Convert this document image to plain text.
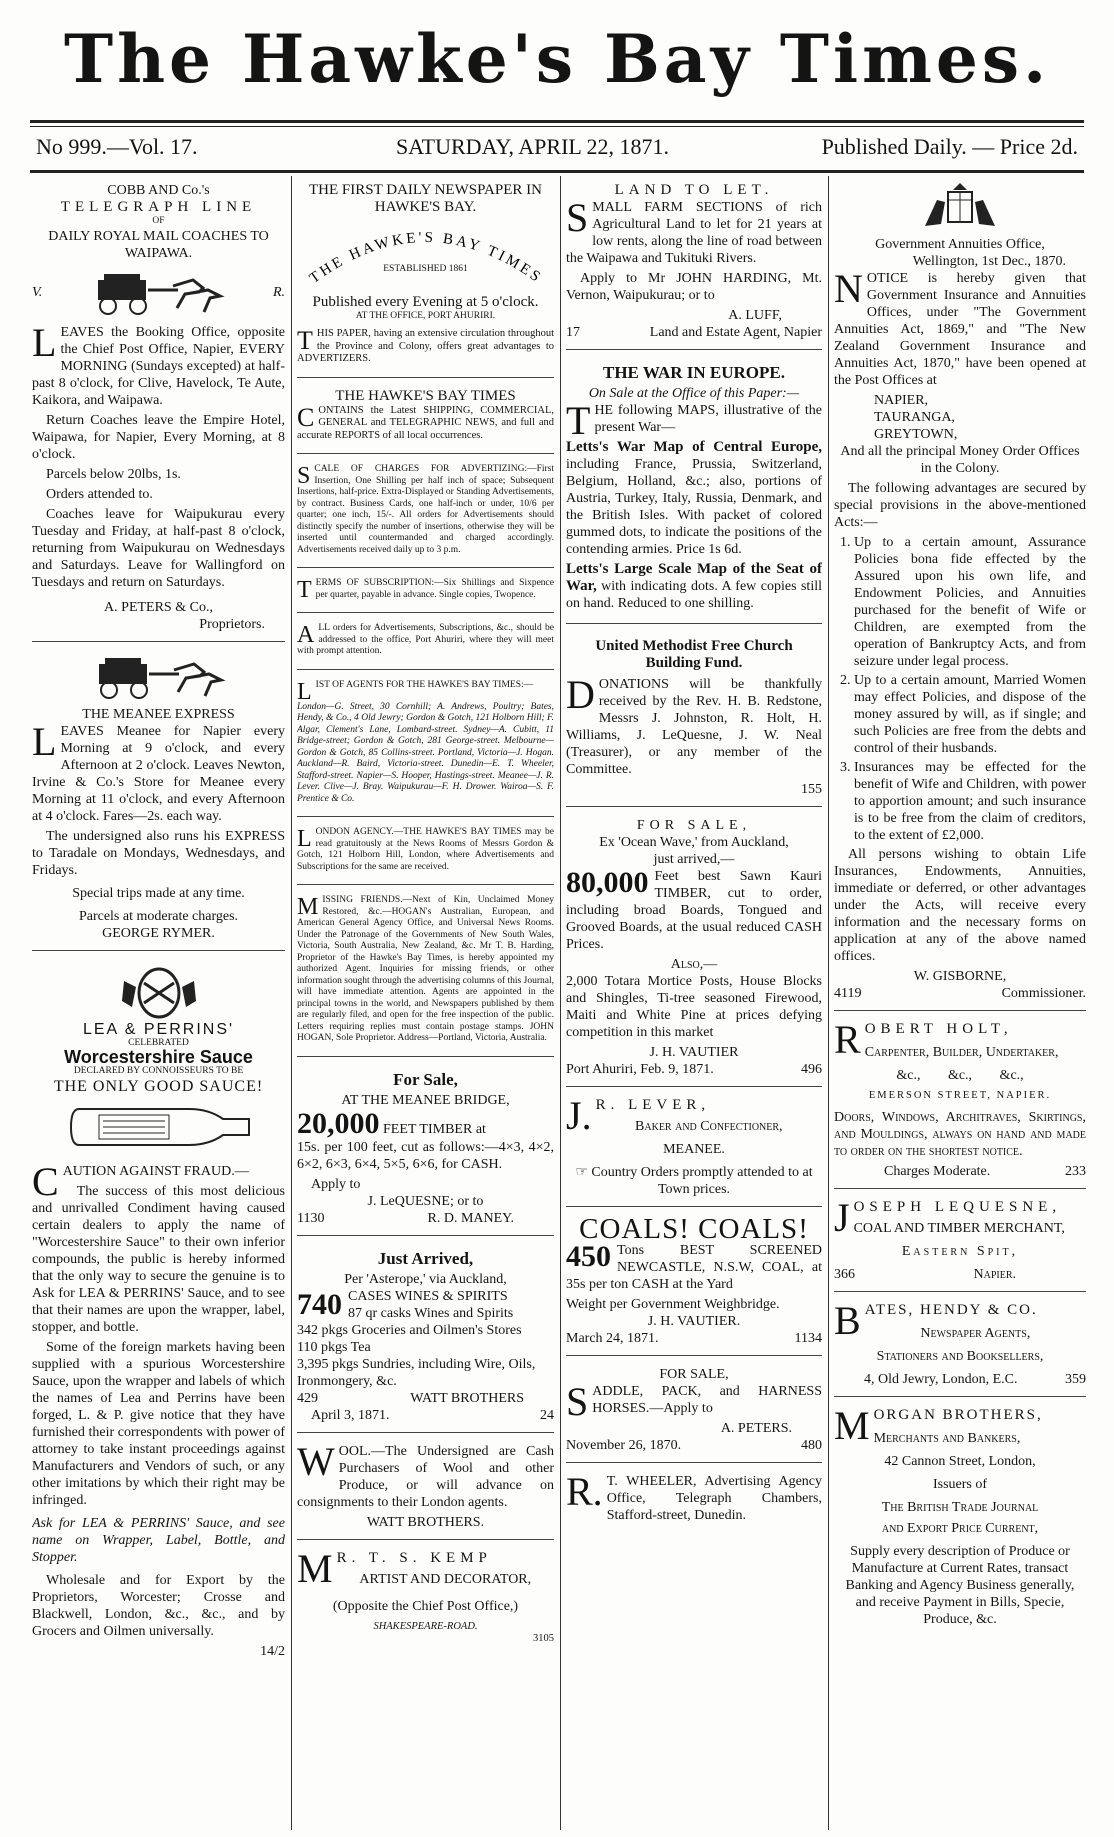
The Hawke's Bay Times.
No 999.—Vol. 17.	SATURDAY, APRIL 22, 1871.	Published Daily. — Price 2d.
COBB AND Co.'s
TELEGRAPH LINE
OF
DAILY ROYAL MAIL COACHES TO WAIPAWA.
V.	R.

LEAVES the Booking Office, opposite the Chief Post Office, Napier, EVERY MORNING (Sundays excepted) at half-past 8 o'clock, for Clive, Havelock, Te Aute, Kaikora, and Waipawa.

Return Coaches leave the Empire Hotel, Waipawa, for Napier, Every Morning, at 8 o'clock.

Parcels below 20lbs, 1s.

Orders attended to.

Coaches leave for Waipukurau every Tuesday and Friday, at half-past 8 o'clock, returning from Waipukurau on Wednesdays and Saturdays. Leave for Wallingford on Tuesdays and return on Saturdays.

A. PETERS & Co.,
Proprietors.
THE MEANEE EXPRESS

LEAVES Meanee for Napier every Morning at 9 o'clock, and every Afternoon at 2 o'clock. Leaves Newton, Irvine & Co.'s Store for Meanee every Morning at 11 o'clock, and every Afternoon at 4 o'clock. Fares—2s. each way.

The undersigned also runs his EXPRESS to Taradale on Mondays, Wednesdays, and Fridays.

Special trips made at any time.
Parcels at moderate charges.
GEORGE RYMER.
LEA & PERRINS'
CELEBRATED
Worcestershire Sauce
DECLARED BY CONNOISSEURS TO BE
THE ONLY GOOD SAUCE!

CAUTION AGAINST FRAUD.—

The success of this most delicious and unrivalled Condiment having caused certain dealers to apply the name of "Worcestershire Sauce" to their own inferior compounds, the public is hereby informed that the only way to secure the genuine is to Ask for LEA & PERRINS' Sauce, and to see that their names are upon the wrapper, label, stopper, and bottle.

Some of the foreign markets having been supplied with a spurious Worcestershire Sauce, upon the wrapper and labels of which the names of Lea and Perrins have been forged, L. & P. give notice that they have furnished their correspondents with power of attorney to take instant proceedings against Manufacturers and Vendors of such, or any other imitations by which their right may be infringed.

Ask for LEA & PERRINS' Sauce, and see name on Wrapper, Label, Bottle, and Stopper.

Wholesale and for Export by the Proprietors, Worcester; Crosse and Blackwell, London, &c., &c., and by Grocers and Oilmen universally.

14/2
THE FIRST DAILY NEWSPAPER IN HAWKE'S BAY.
THE HAWKE'S BAY TIMES
ESTABLISHED 1861
Published every Evening at 5 o'clock.
AT THE OFFICE, PORT AHURIRI.

THIS PAPER, having an extensive circulation throughout the Province and Colony, offers great advantages to ADVERTIZERS.

THE HAWKE'S BAY TIMES

CONTAINS the Latest SHIPPING, COMMERCIAL, GENERAL and TELEGRAPHIC NEWS, and full and accurate REPORTS of all local occurrences.

SCALE OF CHARGES FOR ADVERTIZING:—First Insertion, One Shilling per half inch of space; Subsequent Insertions, half-price. Extra-Displayed or Standing Advertisements, by contract. Business Cards, one half-inch or under, 10/6 per quarter; one inch, 15/-. All orders for Advertisements should distinctly specify the number of insertions, otherwise they will be inserted until countermanded and charged accordingly. Advertisements received daily up to 3 p.m.

TERMS OF SUBSCRIPTION:—Six Shillings and Sixpence per quarter, payable in advance. Single copies, Twopence.

ALL orders for Advertisements, Subscriptions, &c., should be addressed to the office, Port Ahuriri, where they will meet with prompt attention.

LIST OF AGENTS FOR THE HAWKE'S BAY TIMES:—

London—G. Street, 30 Cornhill; A. Andrews, Poultry; Bates, Hendy, & Co., 4 Old Jewry; Gordon & Gotch, 121 Holborn Hill; F. Algar, Clement's Lane, Lombard-street. Sydney—A. Cubitt, 11 Bridge-street; Gordon & Gotch, 281 George-street. Melbourne—Gordon & Gotch, 85 Collins-street. Portland, Victoria—J. Hogan. Auckland—R. Baird, Victoria-street. Dunedin—E. T. Wheeler, Stafford-street. Napier—S. Hooper, Hastings-street. Meanee—J. R. Lever. Clive—J. Bray. Waipukurau—F. H. Drower. Wairoa—S. F. Prentice & Co.

LONDON AGENCY.—THE HAWKE'S BAY TIMES may be read gratuitously at the News Rooms of Messrs Gordon & Gotch, 121 Holborn Hill, London, where Advertisements and Subscriptions for the same are received.

MISSING FRIENDS.—Next of Kin, Unclaimed Money Restored, &c.—HOGAN's Australian, European, and American General Agency Office, and Universal News Rooms. Under the Patronage of the Governments of New South Wales, Victoria, South Australia, New Zealand, &c. Mr T. B. Harding, Proprietor of the Hawke's Bay Times, is hereby appointed my authorized Agent. Inquiries for missing friends, or other information sought through the advertising columns of this Journal, will have immediate attention. Agents are appointed in the principal towns in the world, and Newspapers published by them are regularly filed, and open for the free inspection of the public. Letters requiring replies must contain postage stamps. JOHN HOGAN, Sole Proprietor. Address—Portland, Victoria, Australia.

For Sale,
AT THE MEANEE BRIDGE,
20,000 FEET TIMBER at

15s. per 100 feet, cut as follows:—4×3, 4×2, 6×2, 6×3, 6×4, 5×5, 6×6, for CASH.

Apply to
J. LeQUESNE; or to
1130	R. D. MANEY.
Just Arrived,
Per 'Asterope,' via Auckland,
740 CASES WINES & SPIRITS
87 qr casks Wines and Spirits
342 pkgs Groceries and Oilmen's Stores
110 pkgs Tea
3,395 pkgs Sundries, including Wire, Oils, Ironmongery, &c.
429	WATT BROTHERS
April 3, 1871.	24

WOOL.—The Undersigned are Cash Purchasers of Wool and other Produce, or will advance on consignments to their London agents.

WATT BROTHERS.
M R. T. S. KEMP
ARTIST AND DECORATOR,
(Opposite the Chief Post Office,)
SHAKESPEARE-ROAD.
3105
LAND TO LET.

SMALL FARM SECTIONS of rich Agricultural Land to let for 21 years at low rents, along the line of road between the Waipawa and Tukituki Rivers.

Apply to Mr JOHN HARDING, Mt. Vernon, Waipukurau; or to

A. LUFF,
17	Land and Estate Agent, Napier
THE WAR IN EUROPE.
On Sale at the Office of this Paper:—

THE following MAPS, illustrative of the present War—

Letts's War Map of Central Europe, including France, Prussia, Switzerland, Belgium, Holland, &c.; also, portions of Austria, Turkey, Italy, Russia, Denmark, and the British Isles. With packet of colored gummed dots, to indicate the positions of the contending armies. Price 1s 6d.

Letts's Large Scale Map of the Seat of War, with indicating dots. A few copies still on hand. Reduced to one shilling.

United Methodist Free Church Building Fund.

DONATIONS will be thankfully received by the Rev. H. B. Redstone, Messrs J. Johnston, R. Holt, H. Williams, J. LeQuesne, J. W. Neal (Treasurer), or any member of the Committee.

155
FOR SALE,
Ex 'Ocean Wave,' from Auckland,
just arrived,—

80,000 Feet best Sawn Kauri TIMBER, cut to order, including broad Boards, Tongued and Grooved Boards, at the usual reduced CASH Prices.

Also,—

2,000 Totara Mortice Posts, House Blocks and Shingles, Ti-tree seasoned Firewood, Maiti and White Pine at prices defying competition in this market

J. H. VAUTIER
Port Ahuriri, Feb. 9, 1871.	496
J. R. LEVER,
Baker and Confectioner,
MEANEE.
☞ Country Orders promptly attended to at Town prices.
COALS! COALS!

450 Tons BEST SCREENED NEWCASTLE, N.S.W, COAL, at 35s per ton CASH at the Yard

Weight per Government Weighbridge.
J. H. VAUTIER.
March 24, 1871.	1134
FOR SALE,

SADDLE, PACK, and HARNESS HORSES.—Apply to

A. PETERS.
November 26, 1870.	480

R. T. WHEELER, Advertising Agency Office, Telegraph Chambers, Stafford-street, Dunedin.

Government Annuities Office,
Wellington, 1st Dec., 1870.

NOTICE is hereby given that Government Insurance and Annuities Offices, under "The Government Annuities Act, 1869," and "The New Zealand Government Insurance and Annuities Act, 1870," have been opened at the Post Offices at

NAPIER,
TAURANGA,
GREYTOWN,

And all the principal Money Order Offices in the Colony.

The following advantages are secured by special provisions in the above-mentioned Acts:—

1. Up to a certain amount, Assurance Policies bona fide effected by the Assured upon his own life, and Endowment Policies, and Annuities purchased for the benefit of Wife or Children, are exempted from the operation of Bankruptcy Acts, and from seizure under legal process.
2. Up to a certain amount, Married Women may effect Policies, and dispose of the money assured by will, as if single; and such Policies are free from the debts and control of their husbands.
3. Insurances may be effected for the benefit of Wife and Children, with power to apportion amount; and such insurance is to be free from the claim of creditors, to the extent of £2,000.

All persons wishing to obtain Life Insurances, Endowments, Annuities, immediate or deferred, or other advantages under the Acts, will receive every information and the necessary forms on application at any of the above named offices.

W. GISBORNE,
4119	Commissioner.
ROBERT HOLT,
Carpenter, Builder, Undertaker,
&c., &c., &c.,
EMERSON STREET, NAPIER.

Doors, Windows, Architraves, Skirtings, and Mouldings, always on hand and made to order on the shortest notice.

Charges Moderate.	233
JOSEPH LEQUESNE,
COAL AND TIMBER MERCHANT,
Eastern Spit,
366	Napier.
BATES, HENDY & CO.
Newspaper Agents,
Stationers and Booksellers,
4, Old Jewry, London, E.C.	359
MORGAN BROTHERS,
Merchants and Bankers,
42 Cannon Street, London,
Issuers of
The British Trade Journal
and Export Price Current,

Supply every description of Produce or Manufacture at Current Rates, transact Banking and Agency Business generally, and receive Payment in Bills, Specie, Produce, &c.
